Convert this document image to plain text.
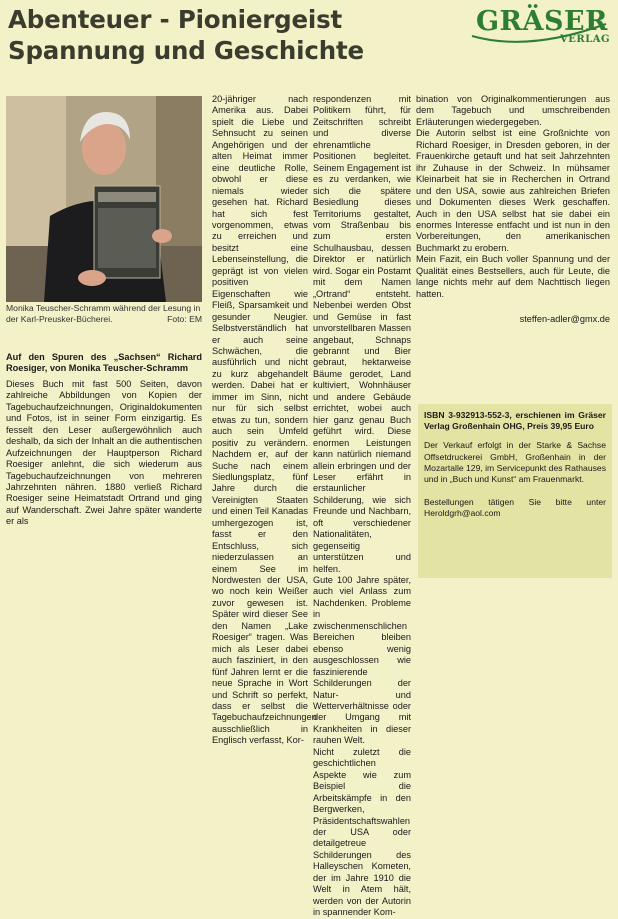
Abenteuer - Pioniergeist
Spannung und Geschichte
GRÄSER
VERLAG
Monika Teuscher-Schramm während der Lesung in der Karl-Preusker-Bücherei.	Foto: EM

Auf den Spuren des „Sachsen“ Richard Roesiger, von Monika Teuscher-Schramm

Dieses Buch mit fast 500 Seiten, davon zahlreiche Abbildungen von Kopien der Tagebuchaufzeichnungen, Originaldokumenten und Fotos, ist in seiner Form einzigartig. Es fesselt den Leser außergewöhnlich auch deshalb, da sich der Inhalt an die authentischen Aufzeichnungen der Hauptperson Richard Roesiger anlehnt, die sich wiederum aus Tagebuchaufzeichnungen von mehreren Jahrzehnten nähren. 1880 verließ Richard Roesiger seine Heimatstadt Ortrand und ging auf Wanderschaft. Zwei Jahre später wanderte er als

20-jähriger nach Amerika aus. Dabei spielt die Liebe und Sehnsucht zu seinen Angehörigen und der alten Heimat immer eine deutliche Rolle, obwohl er diese niemals wieder gesehen hat. Richard hat sich fest vorgenommen, etwas zu erreichen und besitzt eine Lebenseinstellung, die geprägt ist von vielen positiven Eigenschaften wie Fleiß, Sparsamkeit und gesunder Neugier. Selbstverständlich hat er auch seine Schwächen, die ausführlich und nicht zu kurz abgehandelt werden. Dabei hat er immer im Sinn, nicht nur für sich selbst etwas zu tun, sondern auch sein Umfeld positiv zu verändern. Nachdem er, auf der Suche nach einem Siedlungsplatz, fünf Jahre durch die Vereinigten Staaten und einen Teil Kanadas umhergezogen ist, fasst er den Entschluss, sich niederzulassen an einem See im Nordwesten der USA, wo noch kein Weißer zuvor gewesen ist. Später wird dieser See den Namen „Lake Roesiger“ tragen. Was mich als Leser dabei auch fasziniert, in den fünf Jahren lernt er die neue Sprache in Wort und Schrift so perfekt, dass er selbst die Tagebuchaufzeichnungen ausschließlich in Englisch verfasst, Kor-

respondenzen mit Politikern führt, für Zeitschriften schreibt und diverse ehrenamtliche Positionen begleitet. Seinem Engagement ist es zu verdanken, wie sich die spätere Besiedlung dieses Territoriums gestaltet, vom Straßenbau bis zum ersten Schulhausbau, dessen Direktor er natürlich wird. Sogar ein Postamt mit dem Namen „Ortrand“ entsteht. Nebenbei werden Obst und Gemüse in fast unvorstellbaren Massen angebaut, Schnaps gebrannt und Bier gebraut, hektarweise Bäume gerodet, Land kultiviert, Wohnhäuser und andere Gebäude errichtet, wobei auch hier ganz genau Buch geführt wird. Diese enormen Leistungen kann natürlich niemand allein erbringen und der Leser erfährt in erstaunlicher Schilderung, wie sich Freunde und Nachbarn, oft verschiedener Nationalitäten, gegenseitig unterstützen und helfen.

Gute 100 Jahre später, auch viel Anlass zum Nachdenken. Probleme in zwischenmenschlichen Bereichen bleiben ebenso wenig ausgeschlossen wie faszinierende Schilderungen der Natur- und Wetterverhältnisse oder der Umgang mit Krankheiten in dieser rauhen Welt.

Nicht zuletzt die geschichtlichen Aspekte wie zum Beispiel die Arbeitskämpfe in den Bergwerken, Präsidentschaftswahlen der USA oder detailgetreue Schilderungen des Halleyschen Kometen, der im Jahre 1910 die Welt in Atem hält, werden von der Autorin in spannender Kom-

bination von Originalkommentierungen aus dem Tagebuch und umschreibenden Erläuterungen wiedergegeben.

Die Autorin selbst ist eine Großnichte von Richard Roesiger, in Dresden geboren, in der Frauenkirche getauft und hat seit Jahrzehnten ihr Zuhause in der Schweiz. In mühsamer Kleinarbeit hat sie in Recherchen in Ortrand und den USA, sowie aus zahlreichen Briefen und Dokumenten dieses Werk geschaffen. Auch in den USA selbst hat sie dabei ein enormes Interesse entfacht und ist nun in den Vorbereitungen, den amerikanischen Buchmarkt zu erobern.

Mein Fazit, ein Buch voller Spannung und der Qualität eines Bestsellers, auch für Leute, die lange nichts mehr auf dem Nachttisch liegen hatten.

steffen-adler@gmx.de

ISBN 3-932913-552-3, erschienen im Gräser Verlag Großenhain OHG, Preis 39,95 Euro

Der Verkauf erfolgt in der Starke & Sachse Offsetdruckerei GmbH, Großenhain in der Mozartalle 129, im Servicepunkt des Rathauses und in „Buch und Kunst“ am Frauenmarkt.

Bestellungen tätigen Sie bitte unter Heroldgrh@aol.com
